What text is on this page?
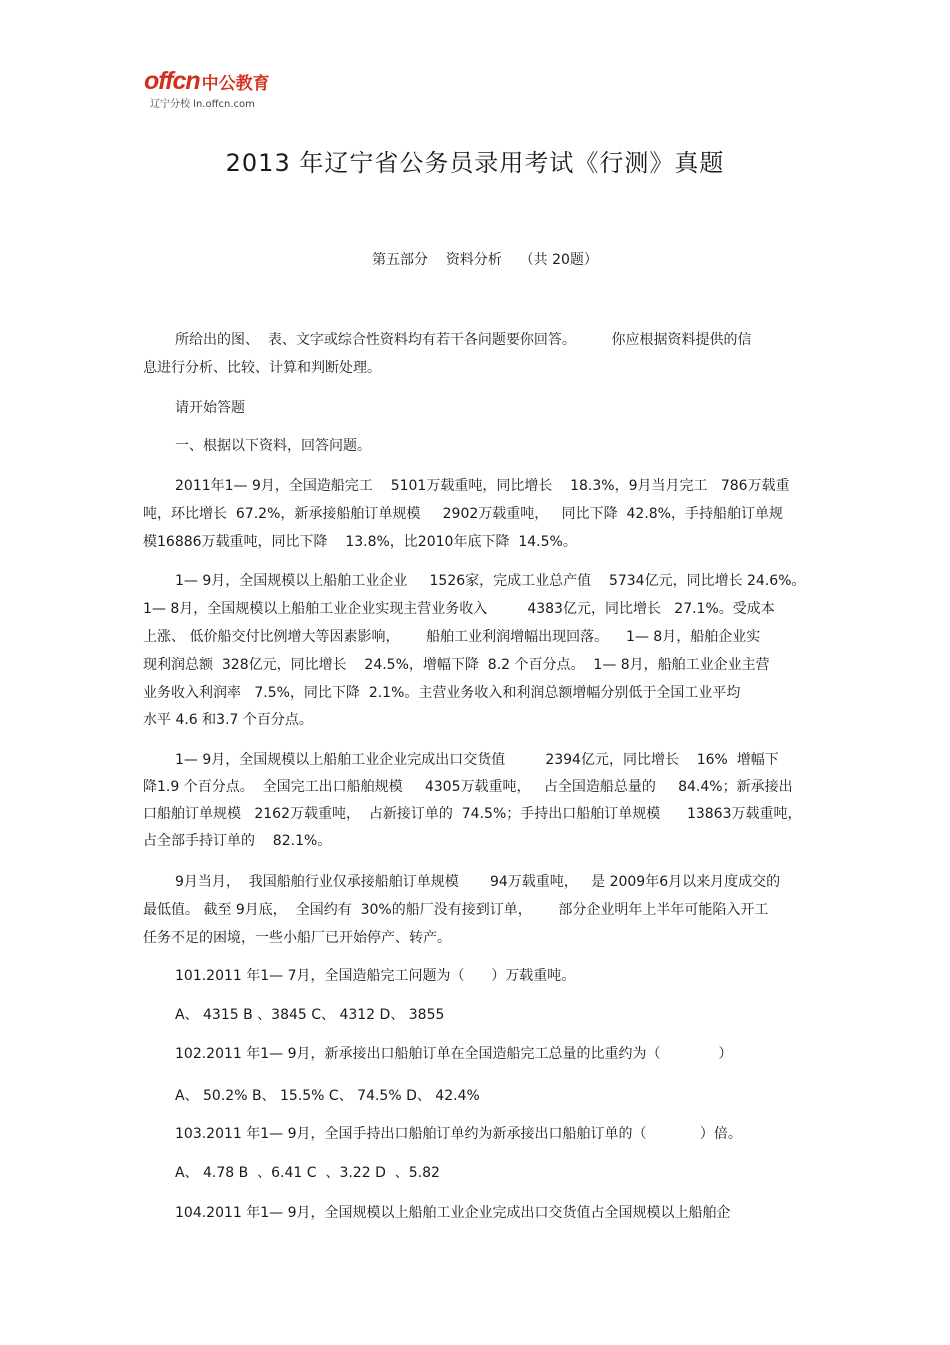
offcn 中公教育
辽宁分校 ln.offcn.com
2013 年辽宁省公务员录用考试《行测》真题
第五部分    资料分析    （共 20题）
所给出的图、  表、文字或综合性资料均有若干各问题要你回答。        你应根据资料提供的信
息进行分析、比较、计算和判断处理。
请开始答题
一、根据以下资料，回答问题。
2011年1— 9月，全国造船完工    5101万载重吨，同比增长    18.3%，9月当月完工   786万载重
吨，环比增长  67.2%，新承接船舶订单规模     2902万载重吨，   同比下降  42.8%，手持船舶订单规
模16886万载重吨，同比下降    13.8%，比2010年底下降  14.5%。
1— 9月，全国规模以上船舶工业企业     1526家，完成工业总产值    5734亿元，同比增长 24.6%。
1— 8月，全国规模以上船舶工业企业实现主营业务收入         4383亿元，同比增长   27.1%。受成本
上涨、 低价船交付比例增大等因素影响，      船舶工业利润增幅出现回落。    1— 8月，船舶企业实
现利润总额  328亿元，同比增长    24.5%，增幅下降  8.2 个百分点。  1— 8月，船舶工业企业主营
业务收入利润率   7.5%，同比下降  2.1%。主营业务收入和利润总额增幅分别低于全国工业平均
水平 4.6 和3.7 个百分点。
1— 9月，全国规模以上船舶工业企业完成出口交货值         2394亿元，同比增长    16%  增幅下
降1.9 个百分点。  全国完工出口船舶规模     4305万载重吨，   占全国造船总量的     84.4%；新承接出
口船舶订单规模   2162万载重吨，  占新接订单的  74.5%；手持出口船舶订单规模      13863万载重吨，
占全部手持订单的    82.1%。
9月当月，  我国船舶行业仅承接船舶订单规模       94万载重吨，   是 2009年6月以来月度成交的
最低值。 截至 9月底，  全国约有  30%的船厂没有接到订单，      部分企业明年上半年可能陷入开工
任务不足的困境，一些小船厂已开始停产、转产。
101.2011 年1— 7月，全国造船完工问题为（      ）万载重吨。
A、 4315 B 、3845 C、 4312 D、 3855
102.2011 年1— 9月，新承接出口船舶订单在全国造船完工总量的比重约为（             ）
A、 50.2% B、 15.5% C、 74.5% D、 42.4%
103.2011 年1— 9月，全国手持出口船舶订单约为新承接出口船舶订单的（            ）倍。
A、 4.78 B  、6.41 C  、3.22 D  、5.82
104.2011 年1— 9月，全国规模以上船舶工业企业完成出口交货值占全国规模以上船舶企
